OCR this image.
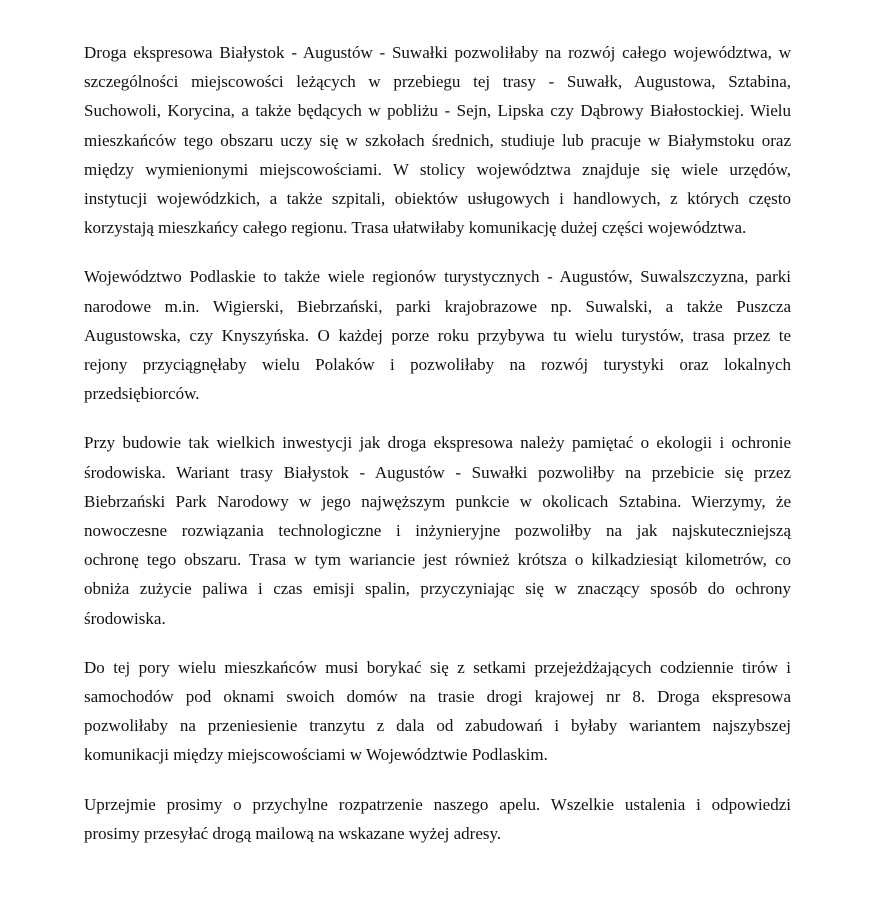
Droga ekspresowa Białystok - Augustów - Suwałki pozwoliłaby na rozwój całego województwa, w
szczególności miejscowości leżących w przebiegu tej trasy - Suwałk, Augustowa, Sztabina,
Suchowoli, Korycina, a także będących w pobliżu - Sejn, Lipska czy Dąbrowy Białostockiej. Wielu
mieszkańców tego obszaru uczy się w szkołach średnich, studiuje lub pracuje w Białymstoku oraz
między wymienionymi miejscowościami. W stolicy województwa znajduje się wiele urzędów,
instytucji wojewódzkich, a także szpitali, obiektów usługowych i handlowych, z których często
korzystają mieszkańcy całego regionu. Trasa ułatwiłaby komunikację dużej części województwa.

Województwo Podlaskie to także wiele regionów turystycznych - Augustów, Suwalszczyzna, parki
narodowe m.in. Wigierski, Biebrzański, parki krajobrazowe np. Suwalski, a także Puszcza
Augustowska, czy Knyszyńska. O każdej porze roku przybywa tu wielu turystów, trasa przez te
rejony przyciągnęłaby wielu Polaków i pozwoliłaby na rozwój turystyki oraz lokalnych
przedsiębiorców.

Przy budowie tak wielkich inwestycji jak droga ekspresowa należy pamiętać o ekologii i ochronie
środowiska. Wariant trasy Białystok - Augustów - Suwałki pozwoliłby na przebicie się przez
Biebrzański Park Narodowy w jego najwęższym punkcie w okolicach Sztabina. Wierzymy, że
nowoczesne rozwiązania technologiczne i inżynieryjne pozwoliłby na jak najskuteczniejszą
ochronę tego obszaru. Trasa w tym wariancie jest również krótsza o kilkadziesiąt kilometrów, co
obniża zużycie paliwa i czas emisji spalin, przyczyniając się w znaczący sposób do ochrony
środowiska.

Do tej pory wielu mieszkańców musi borykać się z setkami przejeżdżających codziennie tirów i
samochodów pod oknami swoich domów na trasie drogi krajowej nr 8. Droga ekspresowa
pozwoliłaby na przeniesienie tranzytu z dala od zabudowań i byłaby wariantem najszybszej
komunikacji między miejscowościami w Województwie Podlaskim.

Uprzejmie prosimy o przychylne rozpatrzenie naszego apelu. Wszelkie ustalenia i odpowiedzi
prosimy przesyłać drogą mailową na wskazane wyżej adresy.
